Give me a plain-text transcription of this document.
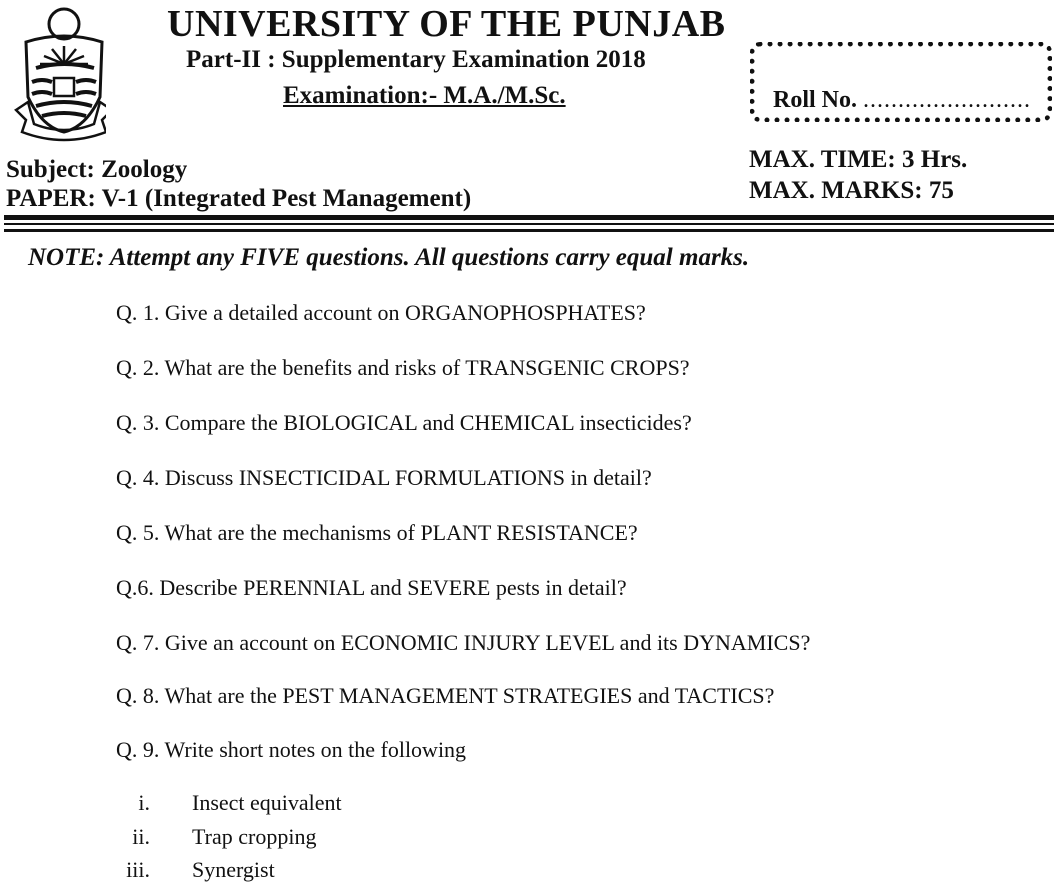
UNIVERSITY OF THE PUNJAB
Part-II : Supplementary Examination 2018
Examination:- M.A./M.Sc.	Roll No. ........................
Subject: Zoology
PAPER: V-1 (Integrated Pest Management)
MAX. TIME: 3 Hrs.
MAX. MARKS: 75
NOTE: Attempt any FIVE questions. All questions carry equal marks.
Q. 1. Give a detailed account on ORGANOPHOSPHATES?
Q. 2. What are the benefits and risks of TRANSGENIC CROPS?
Q. 3. Compare the BIOLOGICAL and CHEMICAL insecticides?
Q. 4. Discuss INSECTICIDAL FORMULATIONS in detail?
Q. 5. What are the mechanisms of PLANT RESISTANCE?
Q.6. Describe PERENNIAL and SEVERE pests in detail?
Q. 7. Give an account on ECONOMIC INJURY LEVEL and its DYNAMICS?
Q. 8. What are the PEST MANAGEMENT STRATEGIES and TACTICS?
Q. 9. Write short notes on the following
i. Insect equivalent
ii. Trap cropping
iii. Synergist
